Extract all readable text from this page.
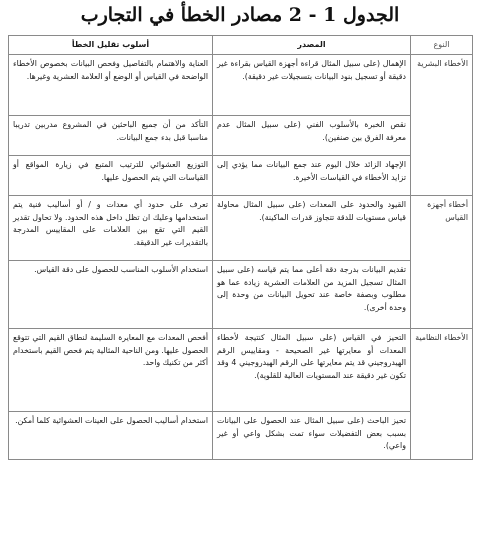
الجدول 1 - 2 مصادر الخطأ في التجارب
النوع	المصدر	أسلوب تقليل الخطأ
الأخطاء البشرية	الإهمال (على سبيل المثال قراءة أجهزة القياس بقراءة غير دقيقة أو تسجيل بنود البيانات بتسجيلات غير دقيقة).	العناية والاهتمام بالتفاصيل وفحص البيانات بخصوص الأخطاء الواضحة في القياس أو الوضع أو العلامة العشرية وغيرها.
	نقص الخبرة بالأسلوب الفني (على سبيل المثال عدم معرفة الفرق بين صنفين).	التأكد من أن جميع الباحثين في المشروع مدربين تدريبا مناسبا قبل بدء جمع البيانات.
	الإجهاد الزائد خلال اليوم عند جمع البيانات مما يؤدي إلى تزايد الأخطاء في القياسات الأخيرة.	التوزيع العشوائي للترتيب المتبع في زيارة المواقع أو القياسات التي يتم الحصول عليها.
أخطاء أجهزة القياس	القيود والحدود على المعدات (على سبيل المثال محاولة قياس مستويات للدقة تتجاوز قدرات الماكينة).	تعرف على حدود أي معدات و / أو أساليب فنية يتم استخدامها وعليك ان تظل داخل هذه الحدود. ولا تحاول تقدير القيم التي تقع بين العلامات على المقاييس المدرجة بالتقديرات غير الدقيقة.
	تقديم البيانات بدرجة دقة أعلى مما يتم قياسه (على سبيل المثال تسجيل المزيد من العلامات العشرية زيادة عما هو مطلوب وبصفة خاصة عند تحويل البيانات من وحدة إلى وحدة أخرى).	استخدام الأسلوب المناسب للحصول على دقة القياس.
الأخطاء النظامية	التحيز في القياس (على سبيل المثال كنتيجة لأخطاء المعدات أو معايرتها غير الصحيحة - ومقاييس الرقم الهيدروجيني قد يتم معايرتها على الرقم الهيدروجيني 4 وقد تكون غير دقيقة عند المستويات العالية للقلوية).	أفحص المعدات مع المعايرة السليمة لنطاق القيم التي تتوقع الحصول عليها. ومن الناحية المثالية يتم فحص القيم باستخدام أكثر من تكنيك واحد.
	تحيز الباحث (على سبيل المثال عند الحصول على البيانات بسبب بعض التفضيلات سواء تمت بشكل واعي أو غير واعي).	استخدام أساليب الحصول على العينات العشوائية كلما أمكن.
